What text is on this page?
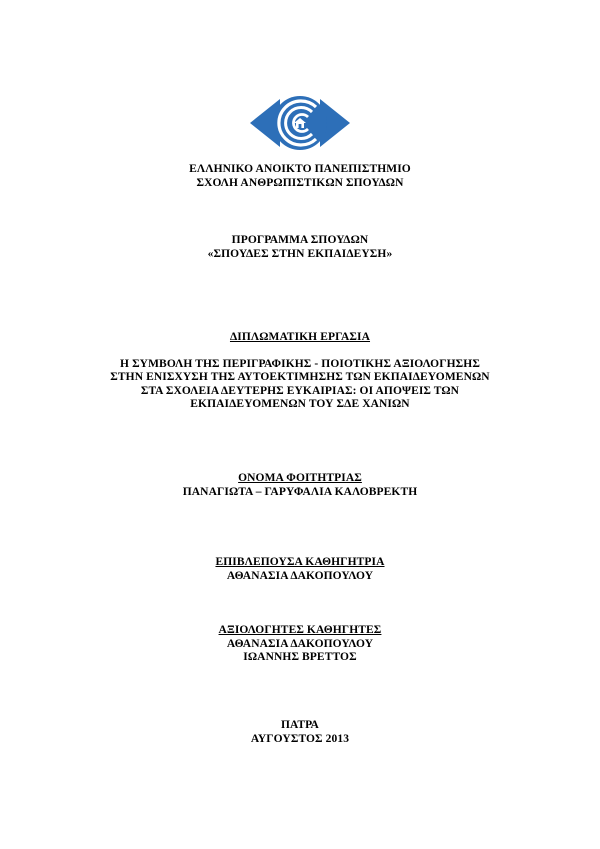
ΕΛΛΗΝΙΚΟ ΑΝΟΙΚΤΟ ΠΑΝΕΠΙΣΤΗΜΙΟ
ΣΧΟΛΗ ΑΝΘΡΩΠΙΣΤΙΚΩΝ ΣΠΟΥΔΩΝ
ΠΡΟΓΡΑΜΜΑ ΣΠΟΥΔΩΝ
«ΣΠΟΥΔΕΣ ΣΤΗΝ ΕΚΠΑΙΔΕΥΣΗ»
ΔΙΠΛΩΜΑΤΙΚΗ ΕΡΓΑΣΙΑ
Η ΣΥΜΒΟΛΗ ΤΗΣ ΠΕΡΙΓΡΑΦΙΚΗΣ - ΠΟΙΟΤΙΚΗΣ ΑΞΙΟΛΟΓΗΣΗΣ
ΣΤΗΝ ΕΝΙΣΧΥΣΗ ΤΗΣ ΑΥΤΟΕΚΤΙΜΗΣΗΣ ΤΩΝ ΕΚΠΑΙΔΕΥΟΜΕΝΩΝ
ΣΤΑ ΣΧΟΛΕΙΑ ΔΕΥΤΕΡΗΣ ΕΥΚΑΙΡΙΑΣ: ΟΙ ΑΠΟΨΕΙΣ ΤΩΝ
ΕΚΠΑΙΔΕΥΟΜΕΝΩΝ ΤΟΥ ΣΔΕ ΧΑΝΙΩΝ
ΟΝΟΜΑ ΦΟΙΤΗΤΡΙΑΣ
ΠΑΝΑΓΙΩΤΑ – ΓΑΡΥΦΑΛΙΑ ΚΑΛΟΒΡΕΚΤΗ
ΕΠΙΒΛΕΠΟΥΣΑ ΚΑΘΗΓΗΤΡΙΑ
ΑΘΑΝΑΣΙΑ ΔΑΚΟΠΟΥΛΟΥ
ΑΞΙΟΛΟΓΗΤΕΣ ΚΑΘΗΓΗΤΕΣ
ΑΘΑΝΑΣΙΑ ΔΑΚΟΠΟΥΛΟΥ
ΙΩΑΝΝΗΣ ΒΡΕΤΤΟΣ
ΠΑΤΡΑ
ΑΥΓΟΥΣΤΟΣ 2013
